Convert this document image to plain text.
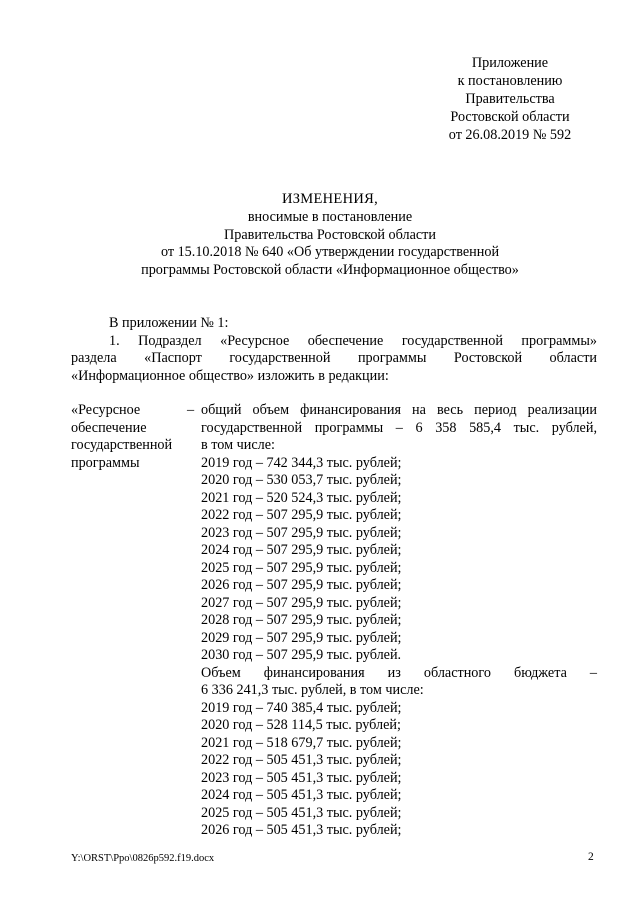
Приложение
к постановлению
Правительства
Ростовской области
от 26.08.2019 № 592
ИЗМЕНЕНИЯ,
вносимые в постановление
Правительства Ростовской области
от 15.10.2018 № 640 «Об утверждении государственной
программы Ростовской области «Информационное общество»
В приложении № 1:
1. Подраздел «Ресурсное обеспечение государственной программы»
раздела «Паспорт государственной программы Ростовской области
«Информационное общество» изложить в редакции:
«Ресурсное
обеспечение
государственной
программы
– общий объем финансирования на весь период реализации
государственной программы – 6 358 585,4 тыс. рублей,
в том числе:
2019 год – 742 344,3 тыс. рублей;
2020 год – 530 053,7 тыс. рублей;
2021 год – 520 524,3 тыс. рублей;
2022 год – 507 295,9 тыс. рублей;
2023 год – 507 295,9 тыс. рублей;
2024 год – 507 295,9 тыс. рублей;
2025 год – 507 295,9 тыс. рублей;
2026 год – 507 295,9 тыс. рублей;
2027 год – 507 295,9 тыс. рублей;
2028 год – 507 295,9 тыс. рублей;
2029 год – 507 295,9 тыс. рублей;
2030 год – 507 295,9 тыс. рублей.
Объем финансирования из областного бюджета –
6 336 241,3 тыс. рублей, в том числе:
2019 год – 740 385,4 тыс. рублей;
2020 год – 528 114,5 тыс. рублей;
2021 год – 518 679,7 тыс. рублей;
2022 год – 505 451,3 тыс. рублей;
2023 год – 505 451,3 тыс. рублей;
2024 год – 505 451,3 тыс. рублей;
2025 год – 505 451,3 тыс. рублей;
2026 год – 505 451,3 тыс. рублей;
Y:\ORST\Ppo\0826p592.f19.docx	2
